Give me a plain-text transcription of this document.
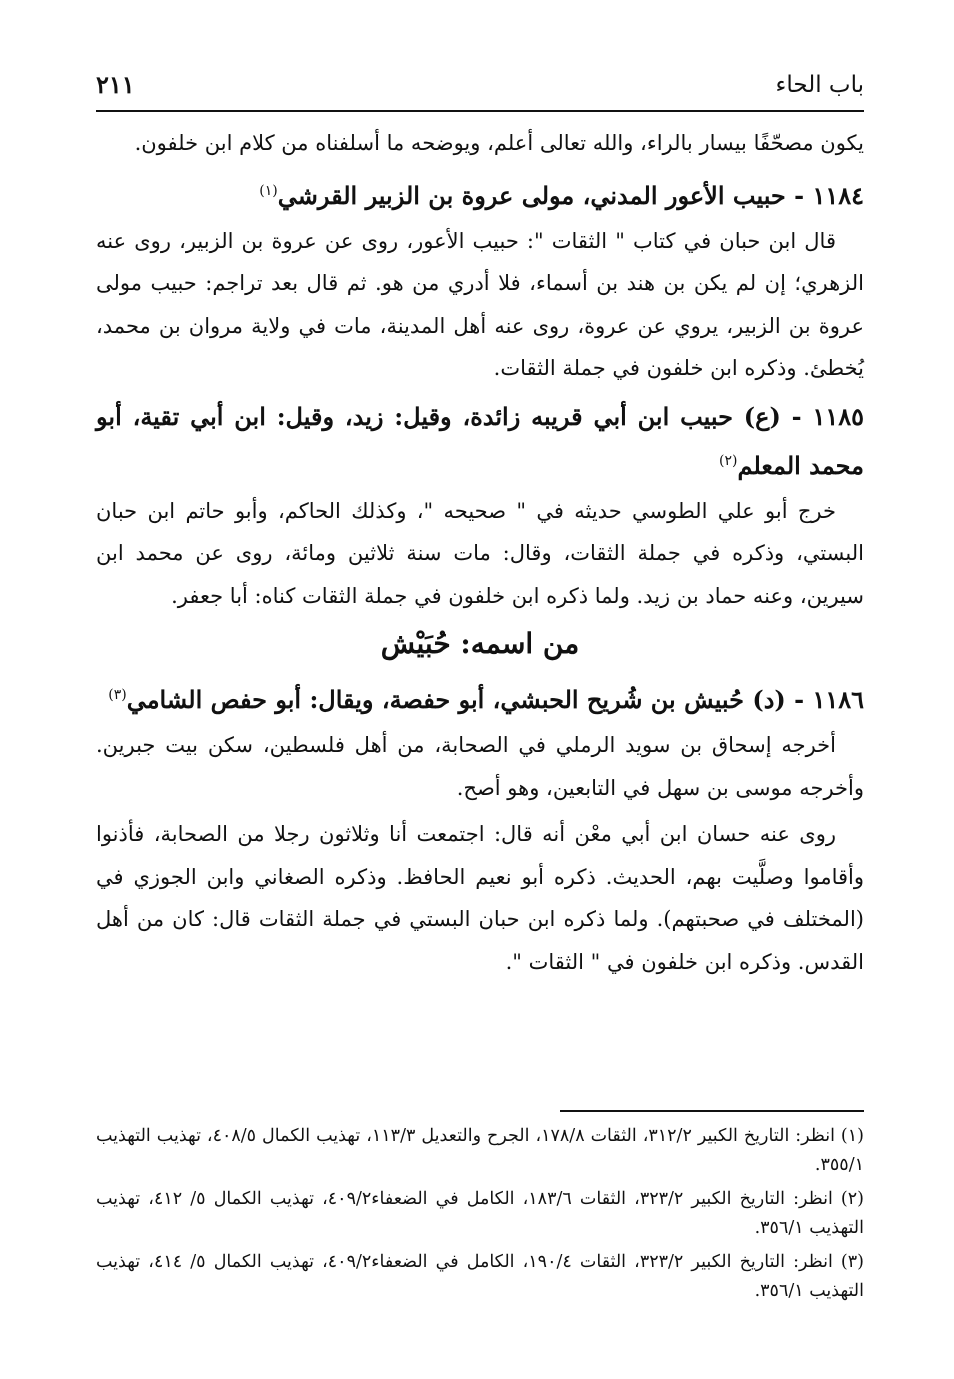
باب الحاء
٢١١

يكون مصحّفًا بيسار بالراء، والله تعالى أعلم، ويوضحه ما أسلفناه من كلام ابن خلفون.

١١٨٤ - حبيب الأعور المدني، مولى عروة بن الزبير القرشي$^{(١)}$

قال ابن حبان في كتاب " الثقات ": حبيب الأعور، روى عن عروة بن الزبير، روى عنه الزهري؛ إن لم يكن بن هند بن أسماء، فلا أدري من هو. ثم قال بعد تراجم: حبيب مولى عروة بن الزبير، يروي عن عروة، روى عنه أهل المدينة، مات في ولاية مروان بن محمد، يُخطئ. وذكره ابن خلفون في جملة الثقات.

١١٨٥ - (ع) حبيب ابن أبي قريبه زائدة، وقيل: زيد، وقيل: ابن أبي تقية، أبو محمد المعلم$^{(٢)}$

خرج أبو علي الطوسي حديثه في " صحيحه "، وكذلك الحاكم، وأبو حاتم ابن حبان البستي، وذكره في جملة الثقات، وقال: مات سنة ثلاثين ومائة، روى عن محمد ابن سيرين، وعنه حماد بن زيد. ولما ذكره ابن خلفون في جملة الثقات كناه: أبا جعفر.

من اسمه: حُبَيْش
١١٨٦ - (د) حُبيش بن شُريح الحبشي، أبو حفصة، ويقال: أبو حفص الشامي$^{(٣)}$

أخرجه إسحاق بن سويد الرملي في الصحابة، من أهل فلسطين، سكن بيت جبرين. وأخرجه موسى بن سهل في التابعين، وهو أصح.

روى عنه حسان ابن أبي معْن أنه قال: اجتمعت أنا وثلاثون رجلا من الصحابة، فأذنوا وأقاموا وصلَّيت بهم، الحديث. ذكره أبو نعيم الحافظ. وذكره الصغاني وابن الجوزي في (المختلف في صحبتهم). ولما ذكره ابن حبان البستي في جملة الثقات قال: كان من أهل القدس. وذكره ابن خلفون في " الثقات ".

(١) انظر: التاريخ الكبير ٣١٢/٢، الثقات ١٧٨/٨، الجرح والتعديل ١١٣/٣، تهذيب الكمال ٤٠٨/٥، تهذيب التهذيب ٣٥٥/١.

(٢) انظر: التاريخ الكبير ٣٢٣/٢، الثقات ١٨٣/٦، الكامل في الضعفاء٤٠٩/٢، تهذيب الكمال ٥/ ٤١٢، تهذيب التهذيب ٣٥٦/١.

(٣) انظر: التاريخ الكبير ٣٢٣/٢، الثقات ١٩٠/٤، الكامل في الضعفاء٤٠٩/٢، تهذيب الكمال ٥/ ٤١٤، تهذيب التهذيب ٣٥٦/١.
